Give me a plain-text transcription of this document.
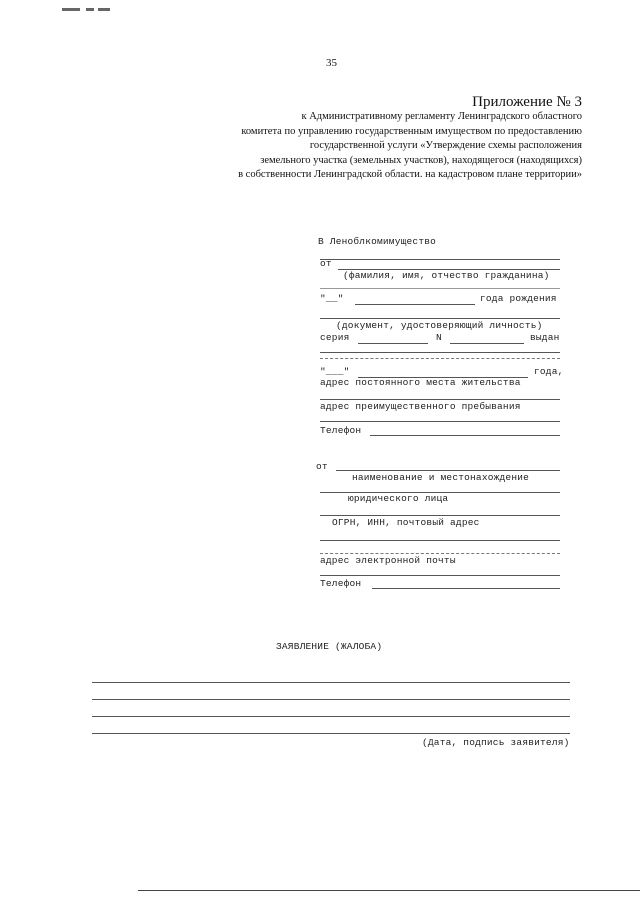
35
Приложение № 3
к Административному регламенту Ленинградского областного
комитета по управлению государственным имуществом по предоставлению
государственной услуги «Утверждение схемы расположения
земельного участка (земельных участков), находящегося (находящихся)
в собственности Ленинградской области. на кадастровом плане территории»
В Леноблкомимущество
от
(фамилия, имя, отчество гражданина)
"__"	года рождения
(документ, удостоверяющий личность)
серия	N	выдан
"___"	года,
адрес постоянного места жительства
адрес преимущественного пребывания
Телефон
от
наименование и местонахождение
юридического лица
ОГРН, ИНН, почтовый адрес
адрес электронной почты
Телефон
ЗАЯВЛЕНИЕ (ЖАЛОБА)
(Дата, подпись заявителя)
